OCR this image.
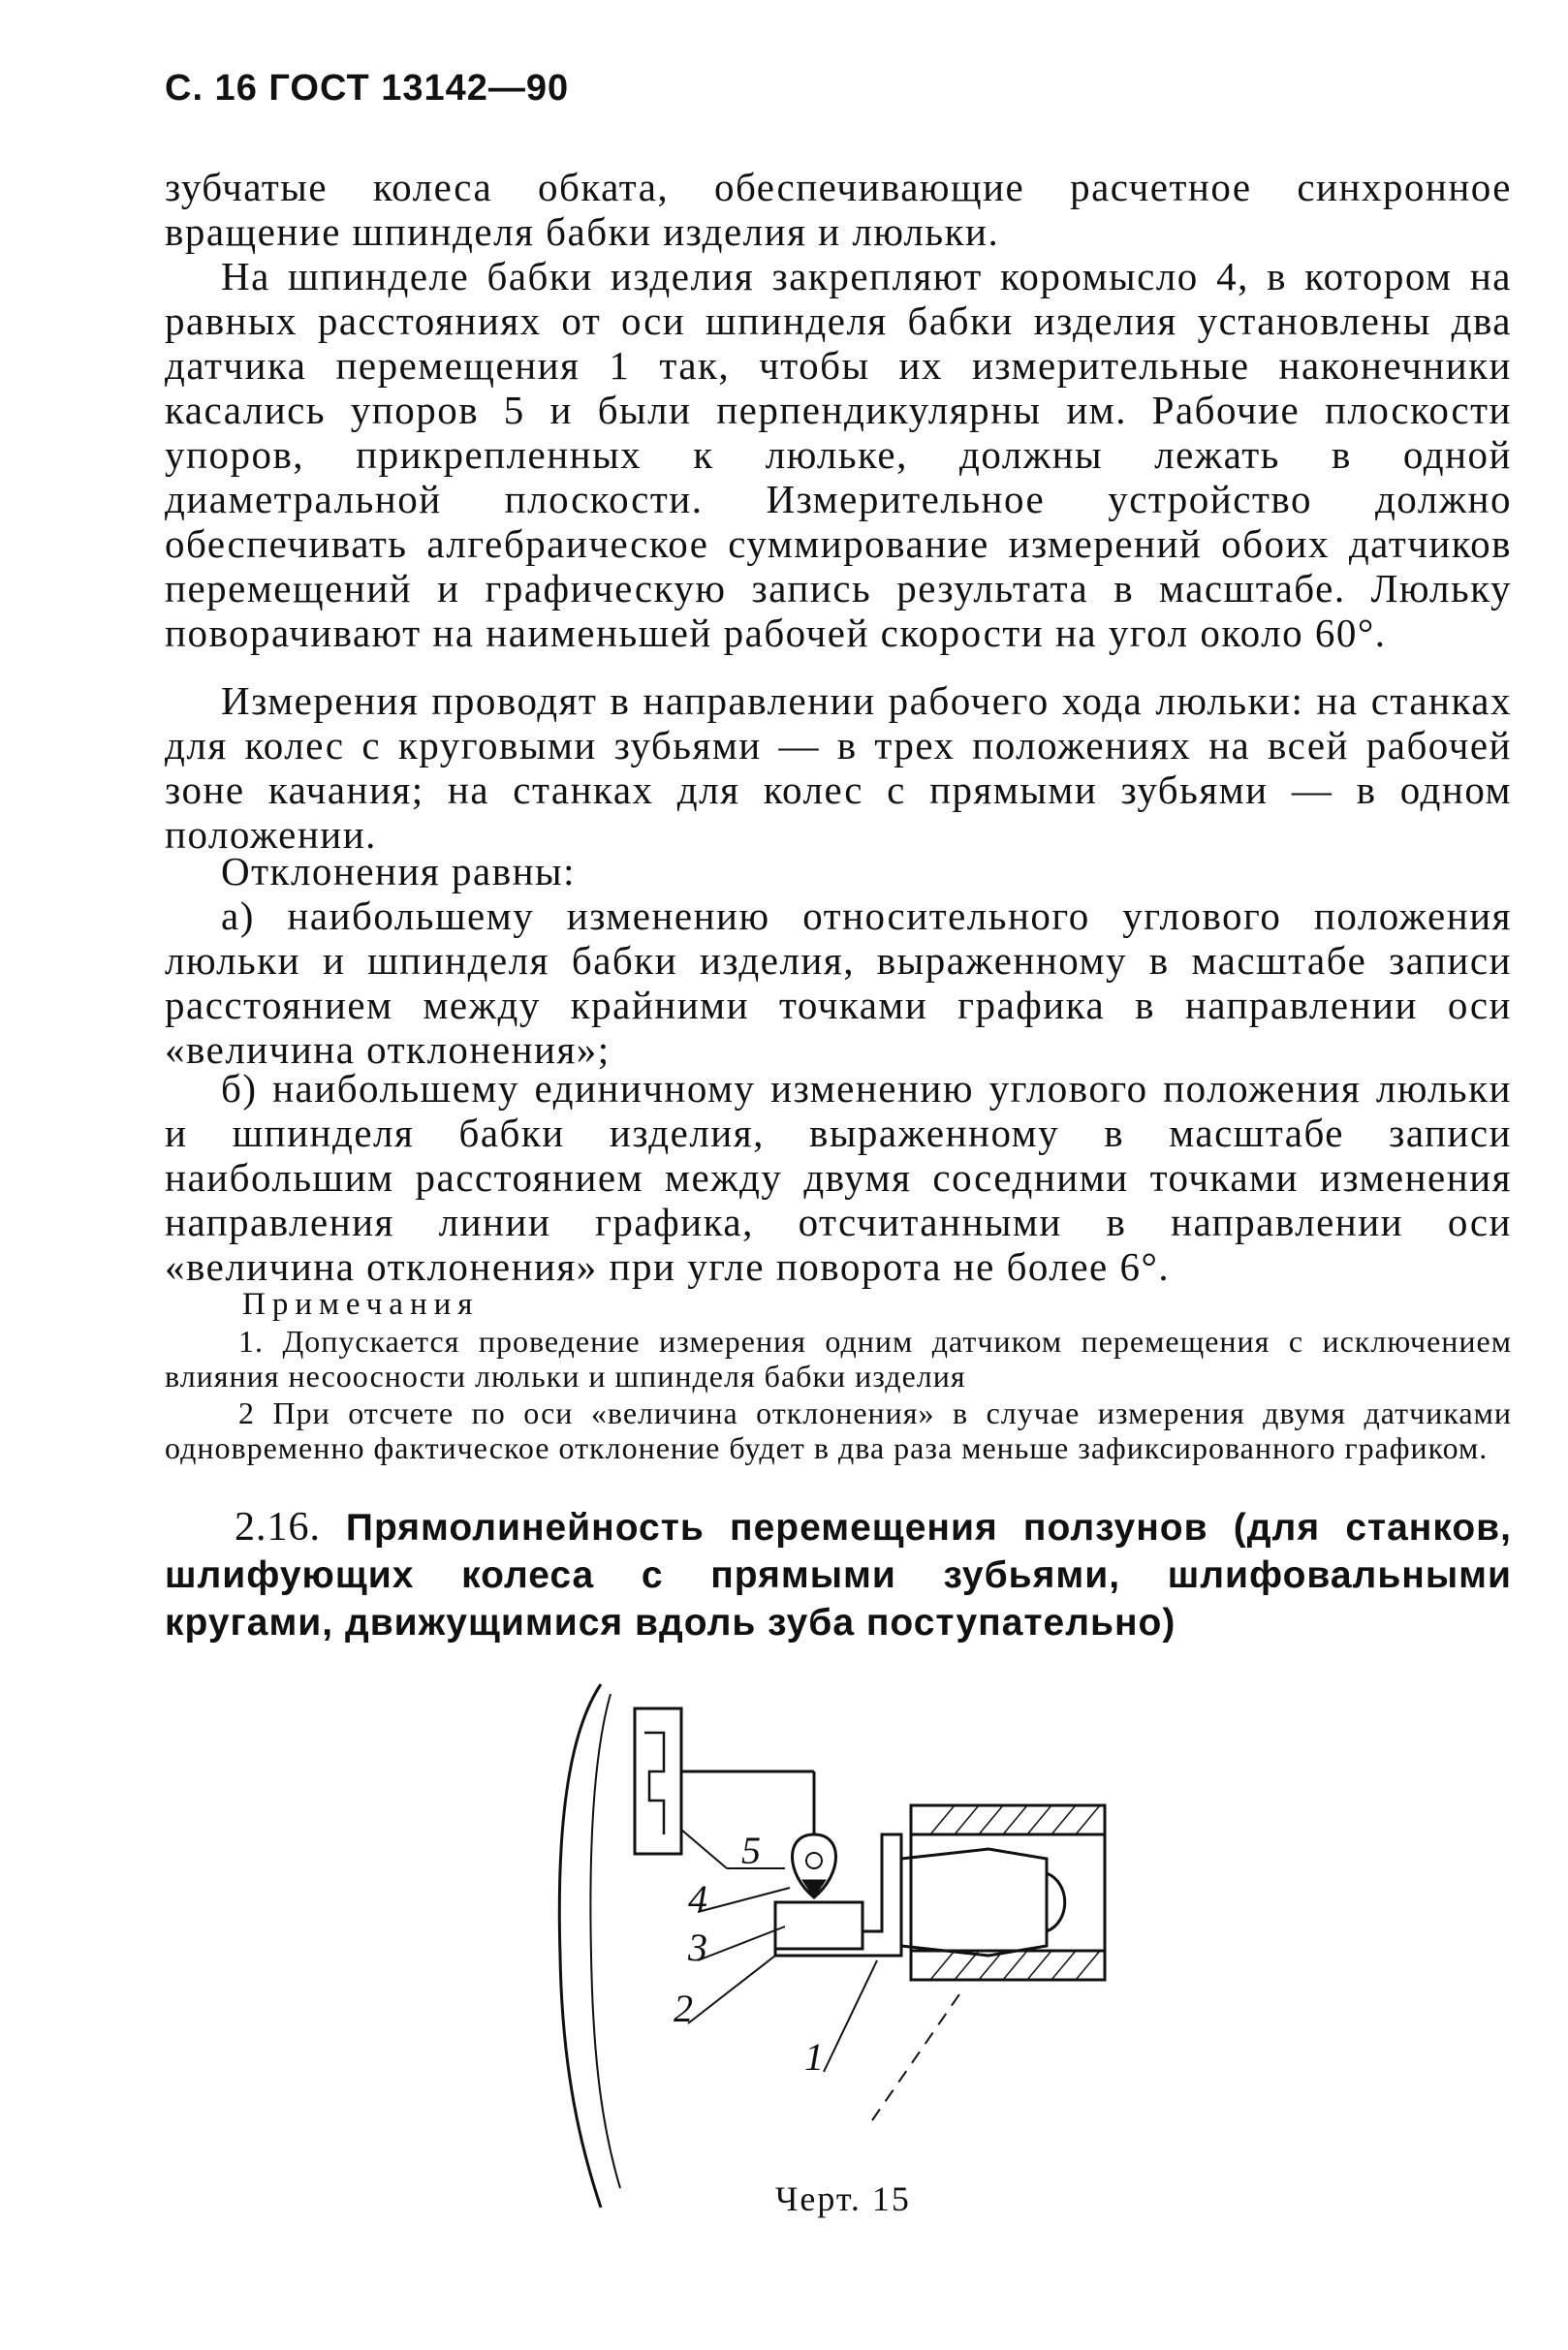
С. 16 ГОСТ 13142—90
зубчатые колеса обката, обеспечивающие расчетное синхронное вращение шпинделя бабки изделия и люльки.
На шпинделе бабки изделия закрепляют коромысло 4, в котором на равных расстояниях от оси шпинделя бабки изделия установлены два датчика перемещения 1 так, чтобы их измерительные наконечники касались упоров 5 и были перпендикулярны им. Рабочие плоскости упоров, прикрепленных к люльке, должны лежать в одной диаметральной плоскости. Измерительное устройство должно обеспечивать алгебраическое суммирование измерений обоих датчиков перемещений и графическую запись результата в масштабе. Люльку поворачивают на наименьшей рабочей скорости на угол около 60°.
Измерения проводят в направлении рабочего хода люльки: на станках для колес с круговыми зубьями — в трех положениях на всей рабочей зоне качания; на станках для колес с прямыми зубьями — в одном положении.
Отклонения равны:
а) наибольшему изменению относительного углового положения люльки и шпинделя бабки изделия, выраженному в масштабе записи расстоянием между крайними точками графика в направлении оси «величина отклонения»;
б) наибольшему единичному изменению углового положения люльки и шпинделя бабки изделия, выраженному в масштабе записи наибольшим расстоянием между двумя соседними точками изменения направления линии графика, отсчитанными в направлении оси «величина отклонения» при угле поворота не более 6°.
Примечания
1. Допускается проведение измерения одним датчиком перемещения с исключением влияния несоосности люльки и шпинделя бабки изделия
2 При отсчете по оси «величина отклонения» в случае измерения двумя датчиками одновременно фактическое отклонение будет в два раза меньше зафиксированного графиком.
2.16. Прямолинейность перемещения ползунов (для станков, шлифующих колеса с прямыми зубьями, шлифовальными кругами, движущимися вдоль зуба поступательно)
5
4
3
2
1
Черт. 15
